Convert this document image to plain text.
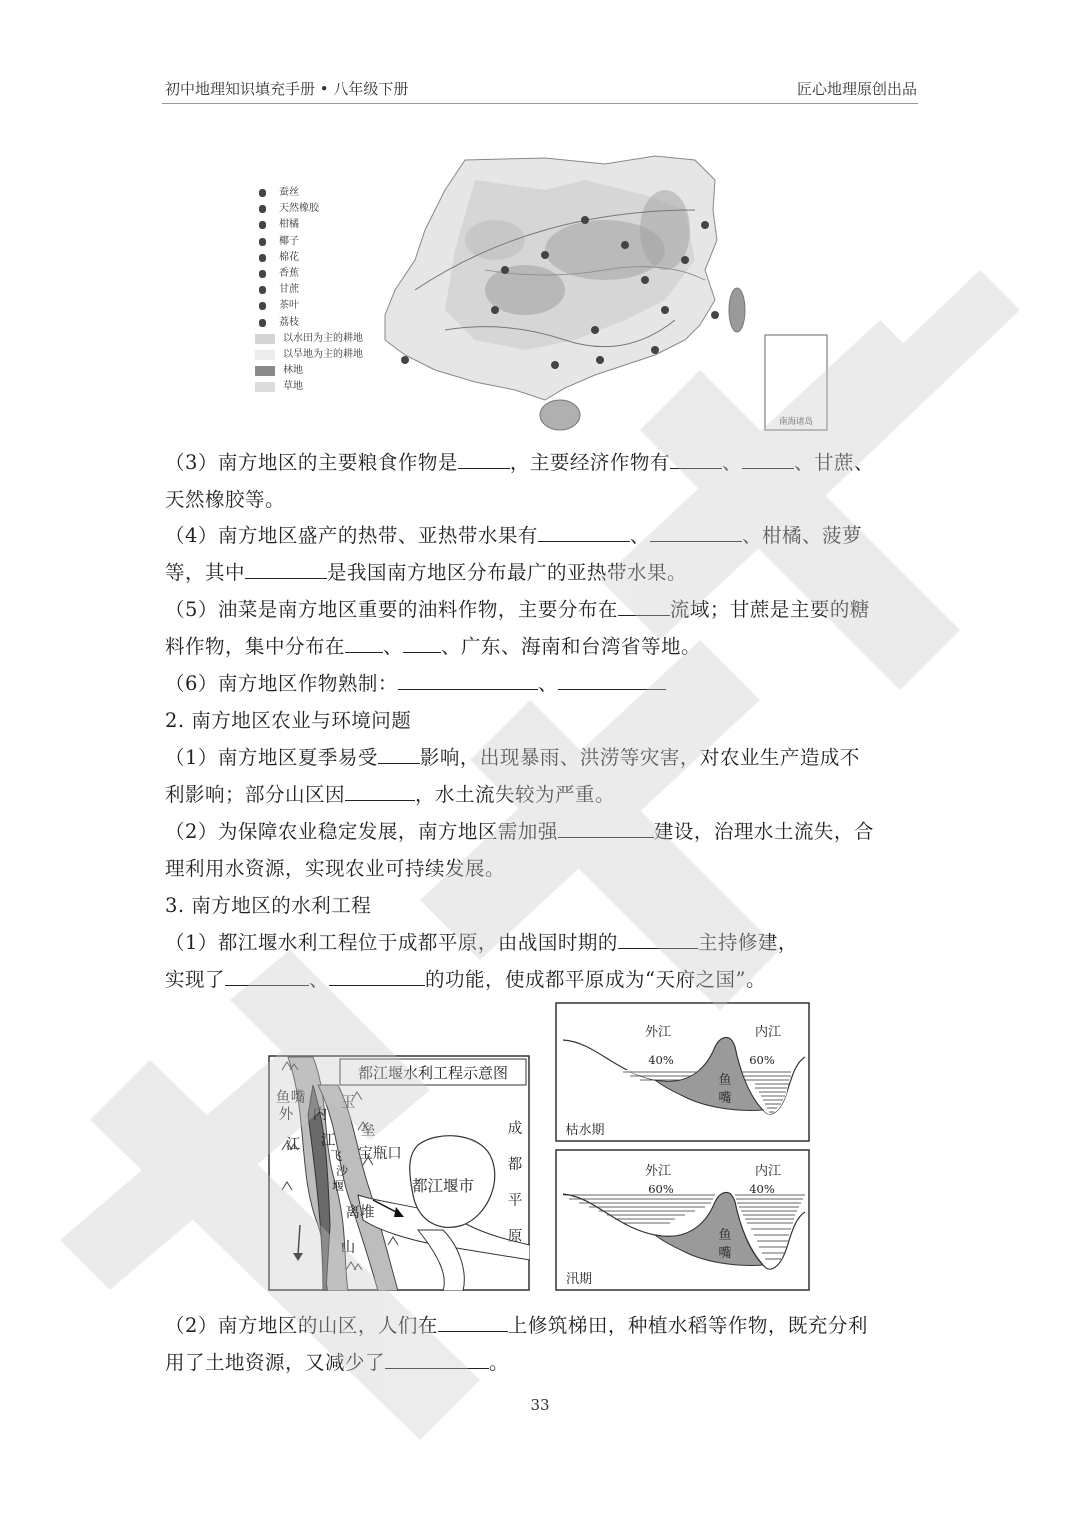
初中地理知识填充手册 • 八年级下册	匠心地理原创出品
南海诸岛
蚕丝
天然橡胶
柑橘
椰子
棉花
香蕉
甘蔗
茶叶
荔枝
以水田为主的耕地
以旱地为主的耕地
林地
草地
（3）南方地区的主要粮食作物是	，主要经济作物有	、	、甘蔗、
天然橡胶等。
（4）南方地区盛产的热带、亚热带水果有	、	、柑橘、菠萝
等，其中	是我国南方地区分布最广的亚热带水果。
（5）油菜是南方地区重要的油料作物，主要分布在	流域；甘蔗是主要的糖
料作物，集中分布在 、 、广东、海南和台湾省等地。
（6）南方地区作物熟制：	、
2. 南方地区农业与环境问题
（1）南方地区夏季易受 影响，出现暴雨、洪涝等灾害，对农业生产造成不
利影响；部分山区因	，水土流失较为严重。
（2）为保障农业稳定发展，南方地区需加强	建设，治理水土流失，合
理利用水资源，实现农业可持续发展。
3. 南方地区的水利工程
（1）都江堰水利工程位于成都平原，由战国时期的	主持修建，
实现了	、	的功能，使成都平原成为“天府之国”。
都江堰水利工程示意图
鱼 嘴
外
江
内
江
玉
垒
飞
沙
堰
宝瓶口
离堆
山
都江堰市
成
都
平
原
外江	内江
40%	60%
鱼
嘴
枯水期
外江	内江
60%	40%
鱼
嘴
汛期
（2）南方地区的山区，人们在	上修筑梯田，种植水稻等作物，既充分利
用了土地资源，又减少了	。
33
